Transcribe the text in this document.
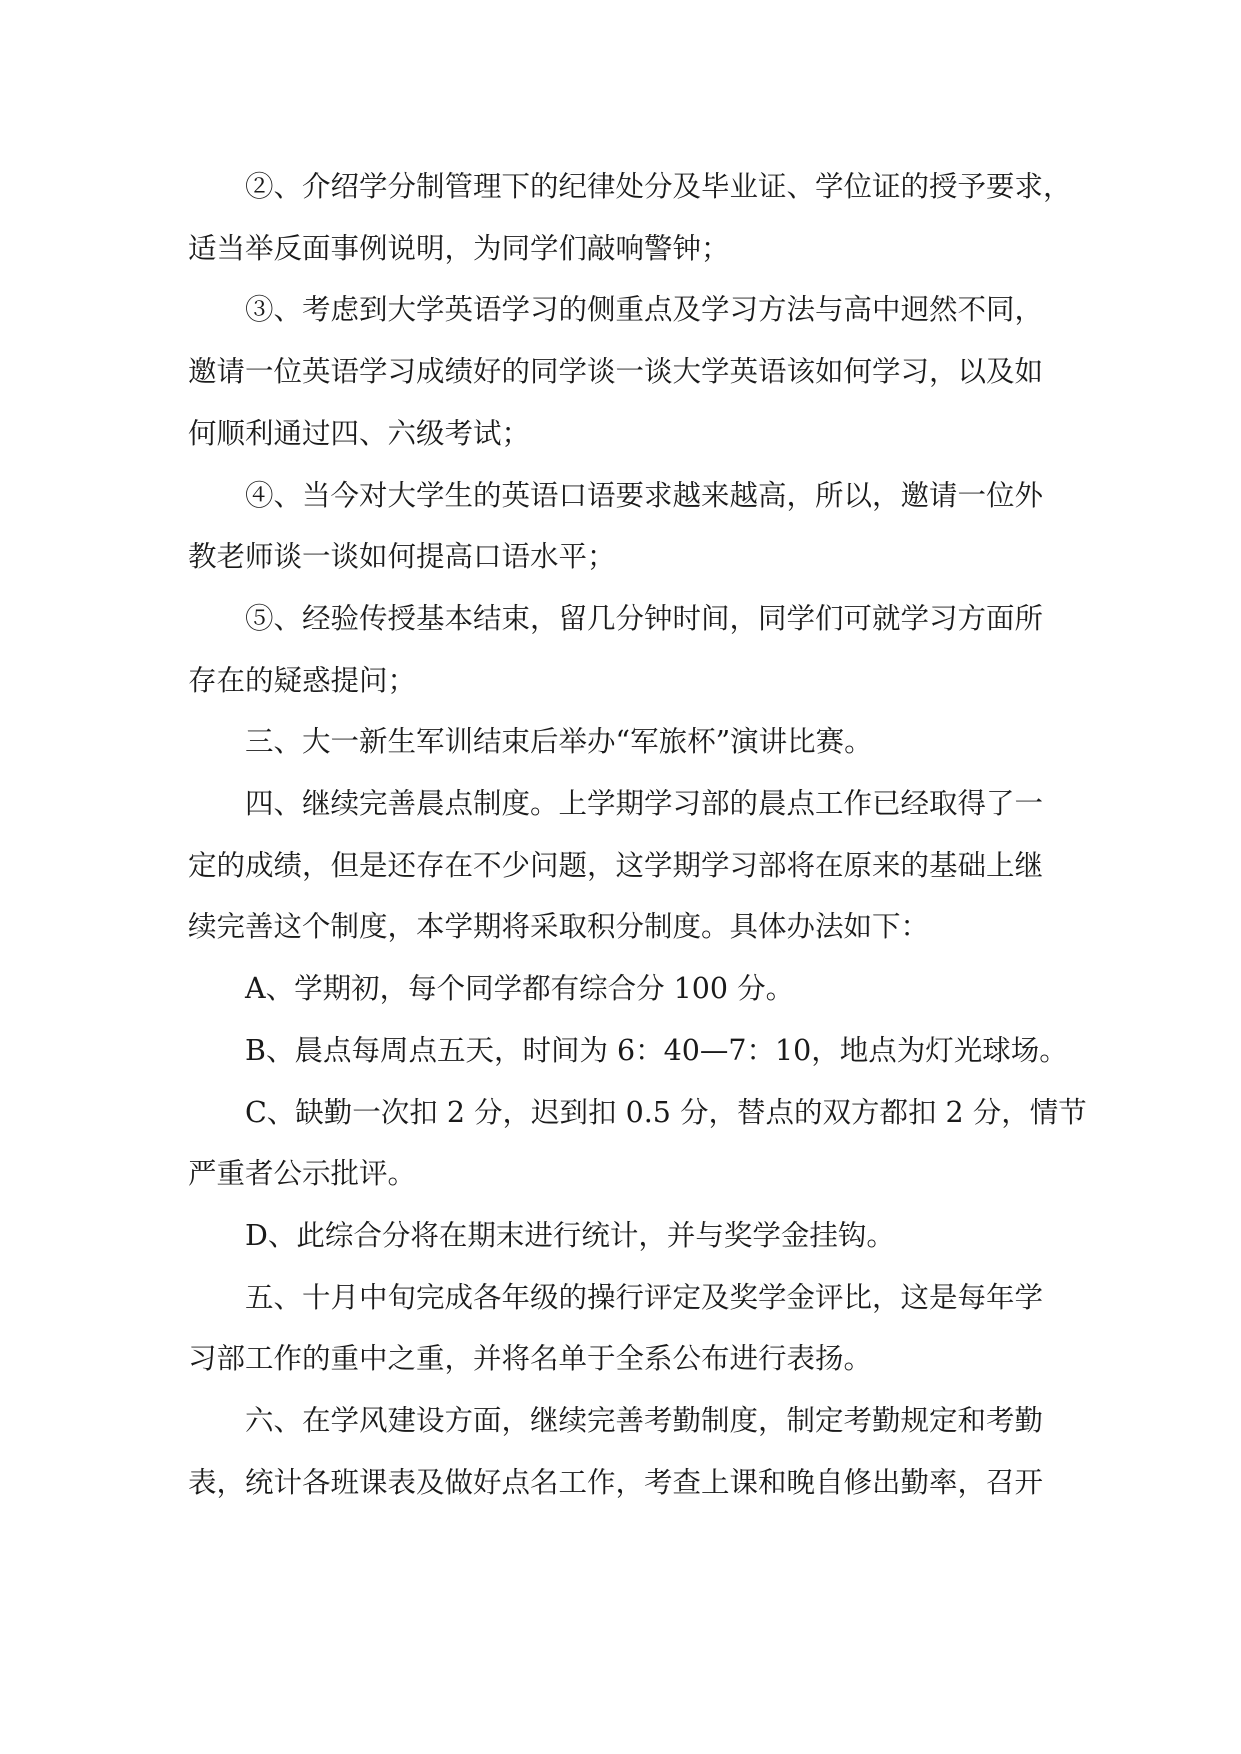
②、介绍学分制管理下的纪律处分及毕业证、学位证的授予要求，
适当举反面事例说明，为同学们敲响警钟；

③、考虑到大学英语学习的侧重点及学习方法与高中迥然不同，
邀请一位英语学习成绩好的同学谈一谈大学英语该如何学习，以及如
何顺利通过四、六级考试；

④、当今对大学生的英语口语要求越来越高，所以，邀请一位外
教老师谈一谈如何提高口语水平；

⑤、经验传授基本结束，留几分钟时间，同学们可就学习方面所
存在的疑惑提问；

三、大一新生军训结束后举办“军旅杯”演讲比赛。

四、继续完善晨点制度。上学期学习部的晨点工作已经取得了一
定的成绩，但是还存在不少问题，这学期学习部将在原来的基础上继
续完善这个制度，本学期将采取积分制度。具体办法如下：

A、学期初，每个同学都有综合分 100 分。

B、晨点每周点五天，时间为 6：40—7：10，地点为灯光球场。

C、缺勤一次扣 2 分，迟到扣 0.5 分，替点的双方都扣 2 分，情节
严重者公示批评。

D、此综合分将在期末进行统计，并与奖学金挂钩。

五、十月中旬完成各年级的操行评定及奖学金评比，这是每年学
习部工作的重中之重，并将名单于全系公布进行表扬。

六、在学风建设方面，继续完善考勤制度，制定考勤规定和考勤
表，统计各班课表及做好点名工作，考查上课和晚自修出勤率，召开
